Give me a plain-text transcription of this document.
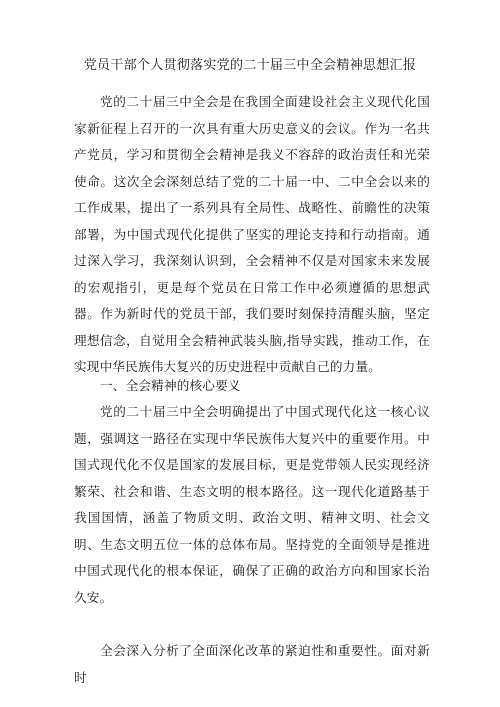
党员干部个人贯彻落实党的二十届三中全会精神思想汇报

党的二十届三中全会是在我国全面建设社会主义现代化国家新征程上召开的一次具有重大历史意义的会议。作为一名共产党员，学习和贯彻全会精神是我义不容辞的政治责任和光荣使命。这次全会深刻总结了党的二十届一中、二中全会以来的工作成果，提出了一系列具有全局性、战略性、前瞻性的决策部署，为中国式现代化提供了坚实的理论支持和行动指南。通过深入学习，我深刻认识到，全会精神不仅是对国家未来发展的宏观指引，更是每个党员在日常工作中必须遵循的思想武器。作为新时代的党员干部，我们要时刻保持清醒头脑，坚定理想信念，自觉用全会精神武装头脑,指导实践，推动工作，在实现中华民族伟大复兴的历史进程中贡献自己的力量。

一、全会精神的核心要义

党的二十届三中全会明确提出了中国式现代化这一核心议题，强调这一路径在实现中华民族伟大复兴中的重要作用。中国式现代化不仅是国家的发展目标，更是党带领人民实现经济繁荣、社会和谐、生态文明的根本路径。这一现代化道路基于我国国情，涵盖了物质文明、政治文明、精神文明、社会文明、生态文明五位一体的总体布局。坚持党的全面领导是推进中国式现代化的根本保证，确保了正确的政治方向和国家长治久安。

全会深入分析了全面深化改革的紧迫性和重要性。面对新时
